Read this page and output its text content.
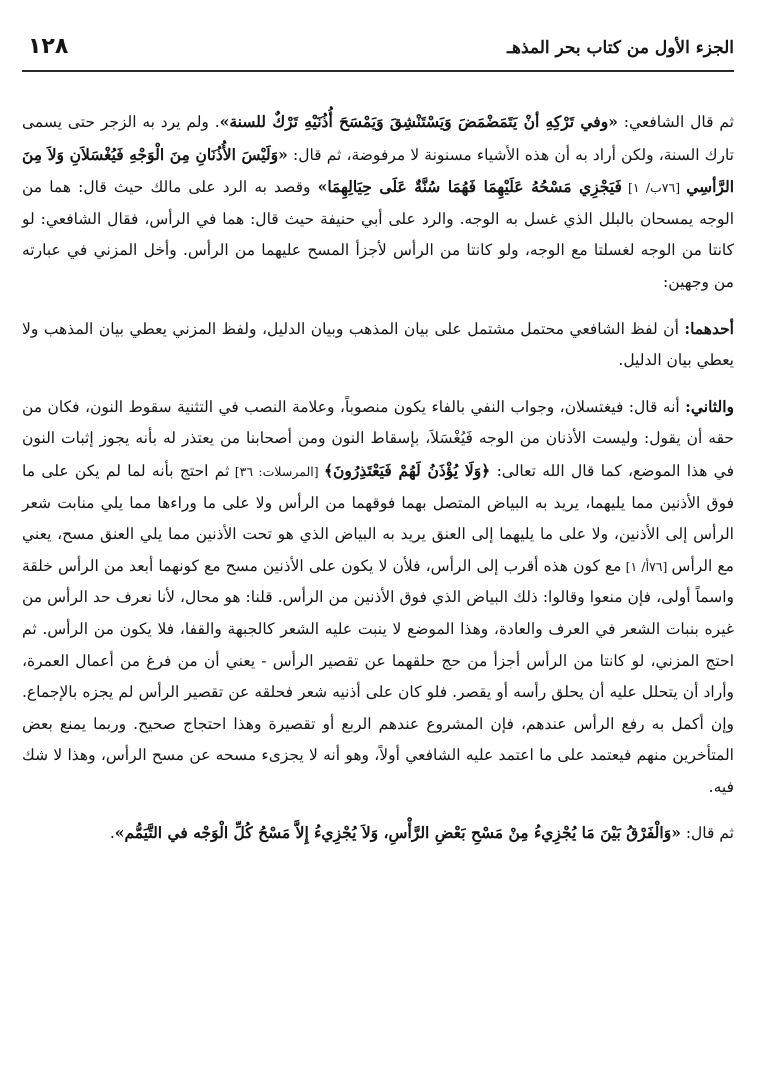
الجزء الأول من كتاب بحر المذهـ
١٢٨

ثم قال الشافعي: «وفي تَرْكِهِ أنْ يَتَمَضْمَضَ وَيَسْتَنْشِقَ وَيَمْسَحَ أُذُنَيْهِ تَرْكٌ للسنة». ولم يرد به الزجر حتى يسمى تارك السنة، ولكن أراد به أن هذه الأشياء مسنونة لا مرفوضة، ثم قال: «وَلَيْسَ الأُذُنَانِ مِنَ الْوَجْهِ فَيُغْسَلاَنِ وَلاَ مِنَ الرَّأسِي [٧٦ب/ ١] فَيَجْزِي مَسْحُهُ عَلَيْهِمَا فَهُمَا سُنَّةٌ عَلَى حِيَالِهِمَا» وقصد به الرد على مالك حيث قال: هما من الوجه يمسحان بالبلل الذي غسل به الوجه. والرد على أبي حنيفة حيث قال: هما في الرأس، فقال الشافعي: لو كانتا من الوجه لغسلتا مع الوجه، ولو كانتا من الرأس لأجزأ المسح عليهما من الرأس. وأخل المزني في عبارته من وجهين:

أحدهما: أن لفظ الشافعي محتمل مشتمل على بيان المذهب وبيان الدليل، ولفظ المزني يعطي بيان المذهب ولا يعطي بيان الدليل.

والثاني: أنه قال: فيغتسلان، وجواب النفي بالفاء يكون منصوباً، وعلامة النصب في التثنية سقوط النون، فكان من حقه أن يقول: وليست الأذنان من الوجه فَيُغْسَلاَ، بإسقاط النون ومن أصحابنا من يعتذر له بأنه يجوز إثبات النون في هذا الموضع، كما قال الله تعالى: ﴿وَلَا يُؤْذَنُ لَهُمْ فَيَعْتَذِرُونَ﴾ [المرسلات: ٣٦] ثم احتج بأنه لما لم يكن على ما فوق الأذنين مما يليهما، يريد به البياض المتصل بهما فوقهما من الرأس ولا على ما وراءها مما يلي منابت شعر الرأس إلى الأذنين، ولا على ما يليهما إلى العنق يريد به البياض الذي هو تحت الأذنين مما يلي العنق مسح، يعني مع الرأس [٧٦أ/ ١] مع كون هذه أقرب إلى الرأس، فلأن لا يكون على الأذنين مسح مع كونهما أبعد من الرأس خلقة واسماً أولى، فإن منعوا وقالوا: ذلك البياض الذي فوق الأذنين من الرأس. قلنا: هو محال، لأنا نعرف حد الرأس من غيره بنبات الشعر في العرف والعادة، وهذا الموضع لا ينبت عليه الشعر كالجبهة والقفا، فلا يكون من الرأس. ثم احتج المزني، لو كانتا من الرأس أجزأ من حج حلقهما عن تقصير الرأس - يعني أن من فرغ من أعمال العمرة، وأراد أن يتحلل عليه أن يحلق رأسه أو يقصر. فلو كان على أذنيه شعر فحلقه عن تقصير الرأس لم يجزه بالإجماع. وإن أكمل به رفع الرأس عندهم، فإن المشروع عندهم الربع أو تقصيرة وهذا احتجاج صحيح. وربما يمنع بعض المتأخرين منهم فيعتمد على ما اعتمد عليه الشافعي أولاً، وهو أنه لا يجزىء مسحه عن مسح الرأس، وهذا لا شك فيه.

ثم قال: «وَالْفَرْقُ بَيْنَ مَا يُجْزِيءُ مِنْ مَسْحِ بَعْضِ الرَّأْسِ، وَلاَ يُجْزِيءُ إِلاَّ مَسْحُ كُلِّ الْوَجْه في التَّيَمُّم».
